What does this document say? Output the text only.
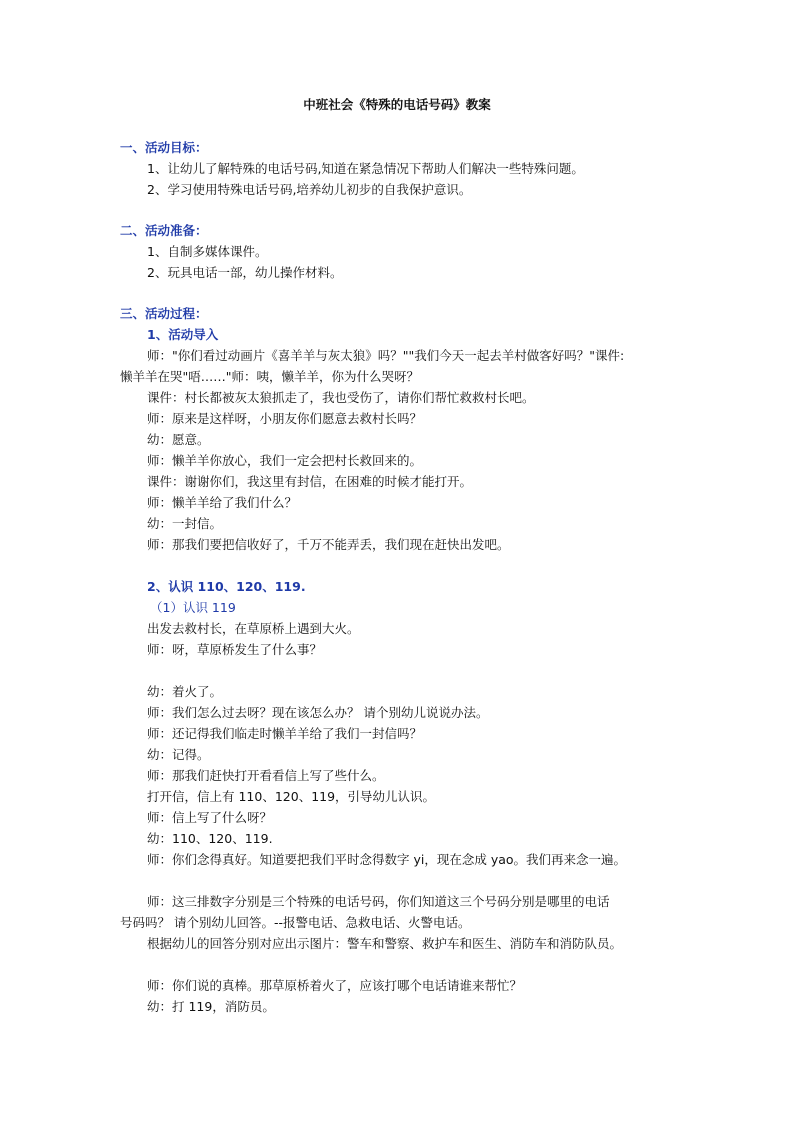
中班社会《特殊的电话号码》教案
一、活动目标：
1、让幼儿了解特殊的电话号码,知道在紧急情况下帮助人们解决一些特殊问题。
2、学习使用特殊电话号码,培养幼儿初步的自我保护意识。
二、活动准备：
1、自制多媒体课件。
2、玩具电话一部，幼儿操作材料。
三、活动过程：
1、活动导入
师："你们看过动画片《喜羊羊与灰太狼》吗？""我们今天一起去羊村做客好吗？"课件:
懒羊羊在哭"唔……"师：咦，懒羊羊，你为什么哭呀？
课件：村长都被灰太狼抓走了，我也受伤了，请你们帮忙救救村长吧。
师：原来是这样呀，小朋友你们愿意去救村长吗？
幼：愿意。
师：懒羊羊你放心，我们一定会把村长救回来的。
课件：谢谢你们，我这里有封信，在困难的时候才能打开。
师：懒羊羊给了我们什么？
幼：一封信。
师：那我们要把信收好了，千万不能弄丢，我们现在赶快出发吧。
2、认识 110、120、119.
（1）认识 119
出发去救村长，在草原桥上遇到大火。
师：呀，草原桥发生了什么事？
幼：着火了。
师：我们怎么过去呀？现在该怎么办？ 请个别幼儿说说办法。
师：还记得我们临走时懒羊羊给了我们一封信吗？
幼：记得。
师：那我们赶快打开看看信上写了些什么。
打开信，信上有 110、120、119，引导幼儿认识。
师：信上写了什么呀？
幼：110、120、119.
师：你们念得真好。知道要把我们平时念得数字 yi，现在念成 yao。我们再来念一遍。
师：这三排数字分别是三个特殊的电话号码，你们知道这三个号码分别是哪里的电话
号码吗？ 请个别幼儿回答。--报警电话、急救电话、火警电话。
根据幼儿的回答分别对应出示图片：警车和警察、救护车和医生、消防车和消防队员。
师：你们说的真棒。那草原桥着火了，应该打哪个电话请谁来帮忙？
幼：打 119，消防员。
